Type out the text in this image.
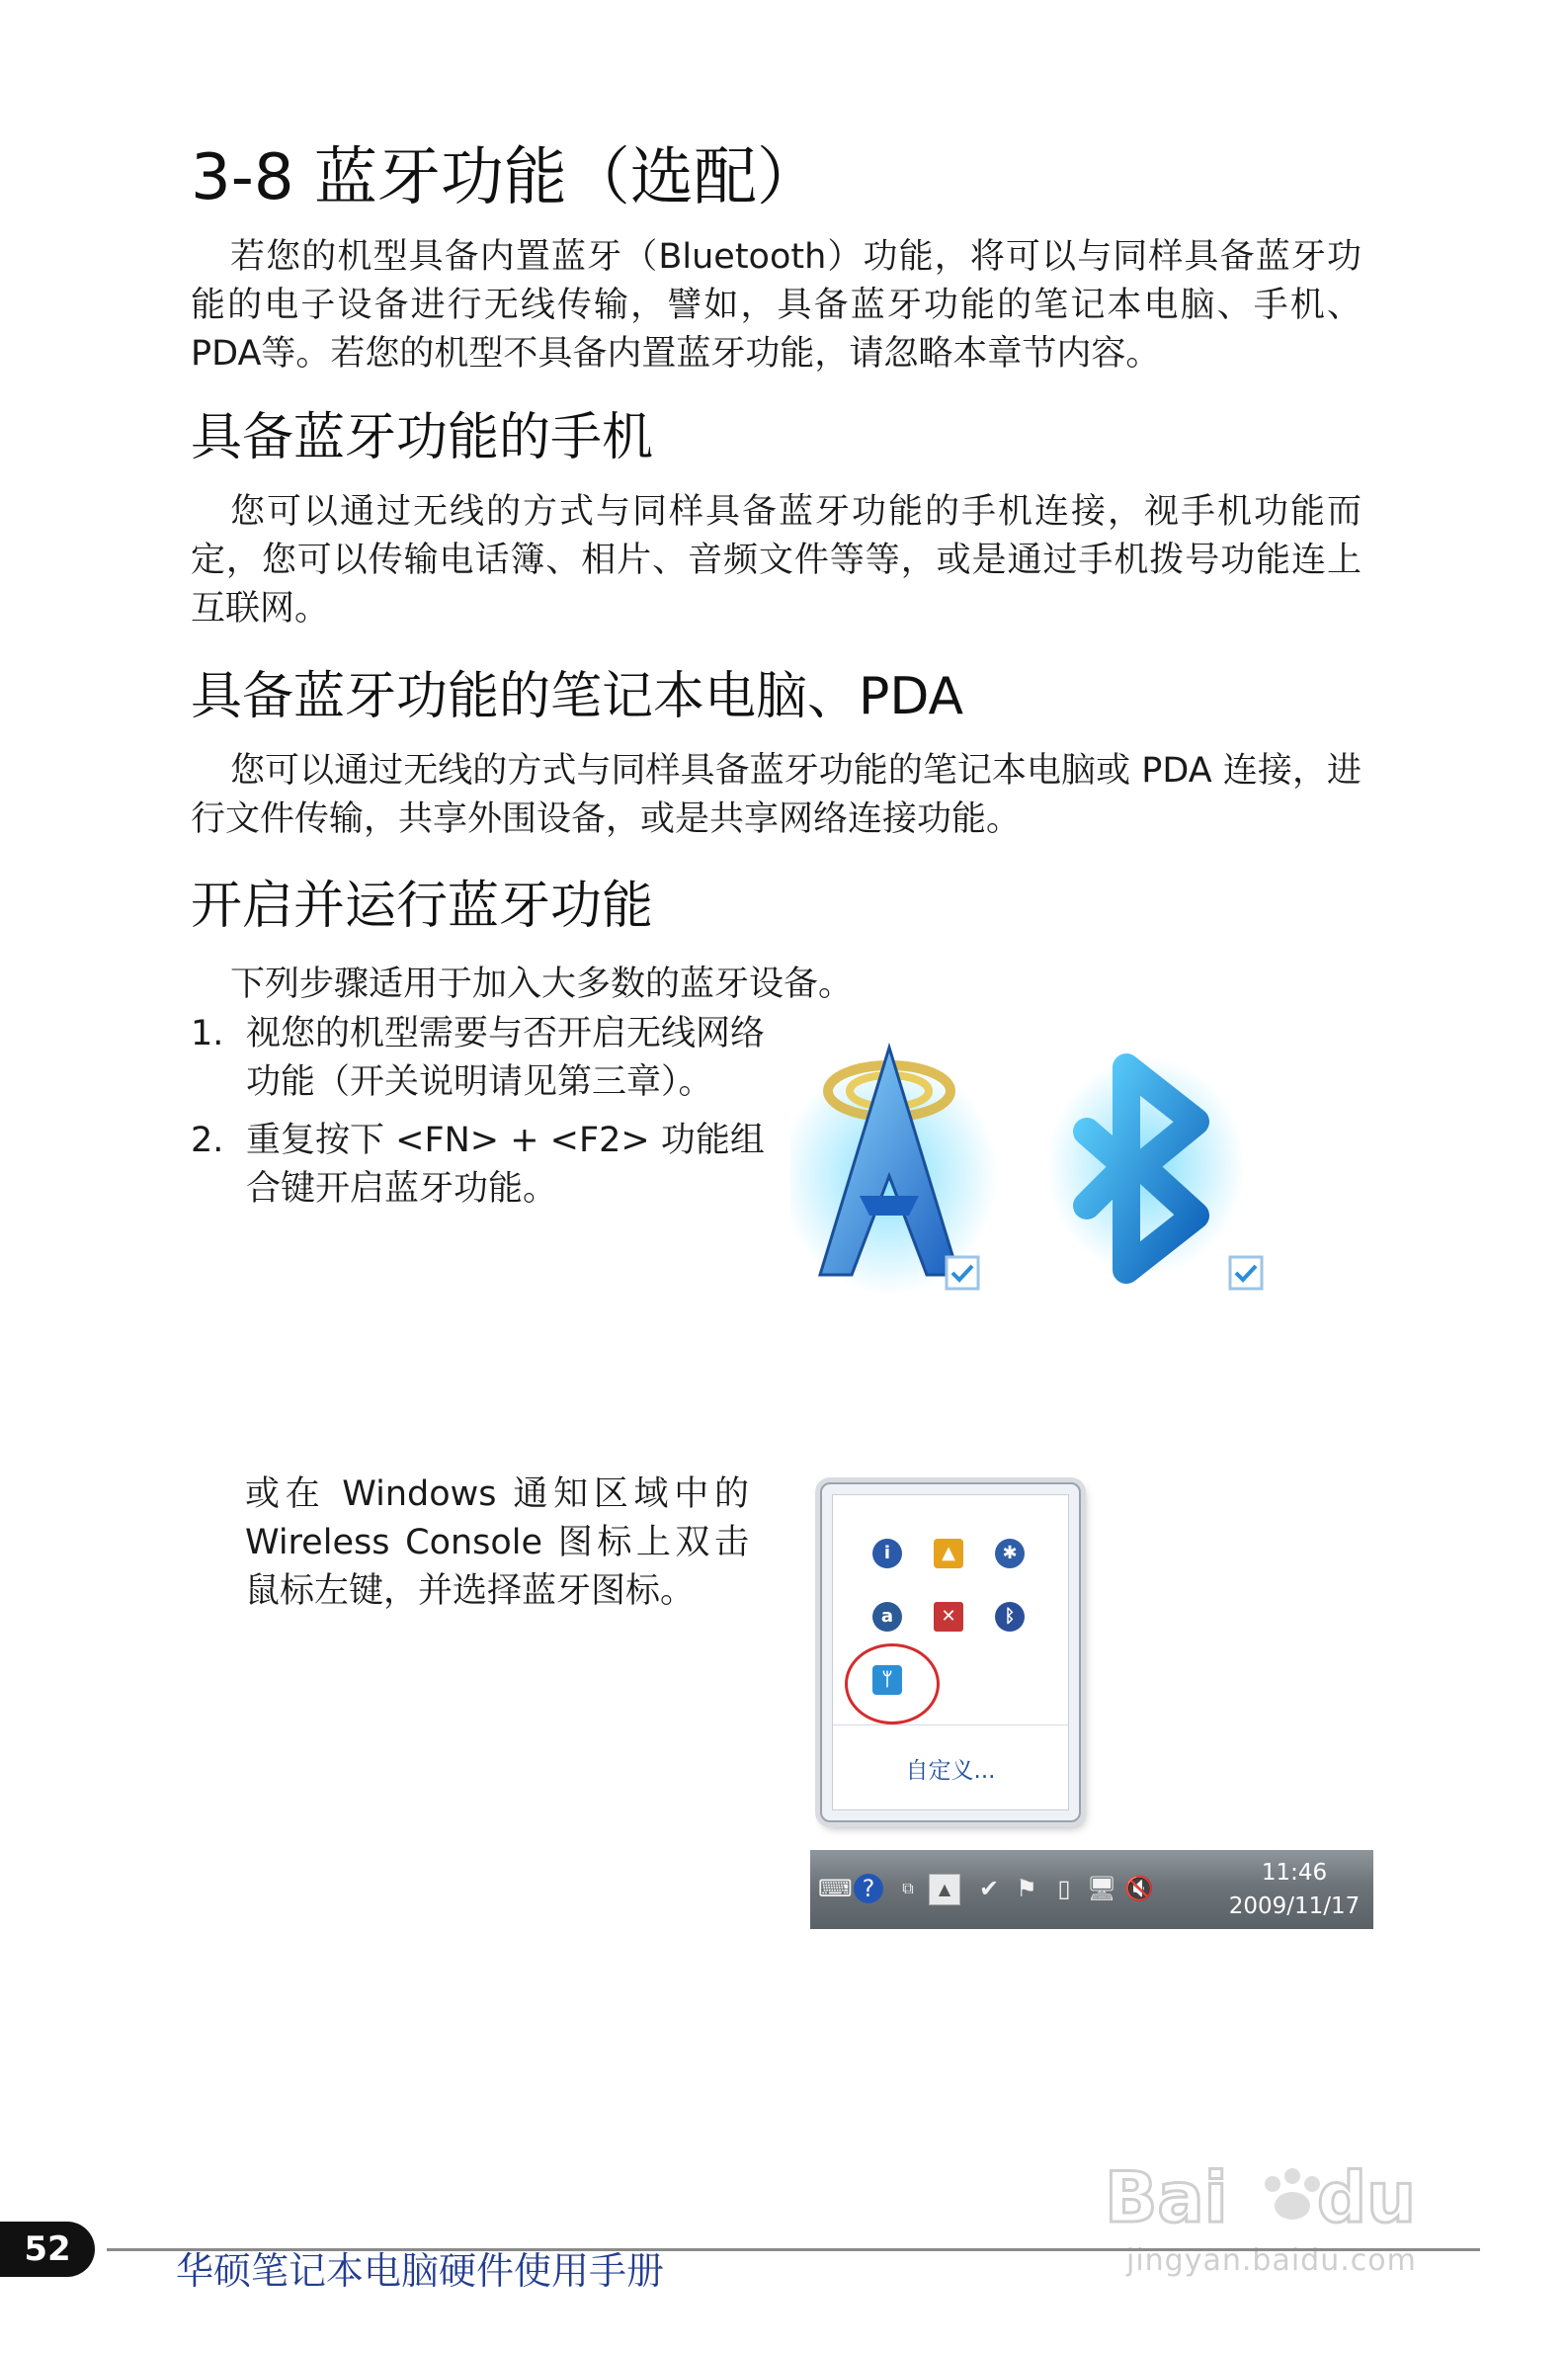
3-8 蓝牙功能（选配）

若您的机型具备内置蓝牙（Bluetooth）功能，将可以与同样具备蓝牙功能的电子设备进行无线传输，譬如，具备蓝牙功能的笔记本电脑、手机、PDA等。若您的机型不具备内置蓝牙功能，请忽略本章节内容。

具备蓝牙功能的手机

您可以通过无线的方式与同样具备蓝牙功能的手机连接，视手机功能而定，您可以传输电话簿、相片、音频文件等等，或是通过手机拨号功能连上互联网。

具备蓝牙功能的笔记本电脑、PDA

您可以通过无线的方式与同样具备蓝牙功能的笔记本电脑或 PDA 连接，进行文件传输，共享外围设备，或是共享网络连接功能。

开启并运行蓝牙功能

下列步骤适用于加入大多数的蓝牙设备。

1. 视您的机型需要与否开启无线网络功能（开关说明请见第三章）。
2. 重复按下 <FN> + <F2> 功能组合键开启蓝牙功能。

或在 Windows 通知区域中的 Wireless Console 图标上双击鼠标左键，并选择蓝牙图标。

i	▲	✱
a	✕	ᛒ
ᛘ
自定义...
⌨ ?	⧉	▲	✔ ⚑ ▯ 🖥 🔇
11:46
2009/11/17
Bai du
jingyan.baidu.com
52	华硕笔记本电脑硬件使用手册
